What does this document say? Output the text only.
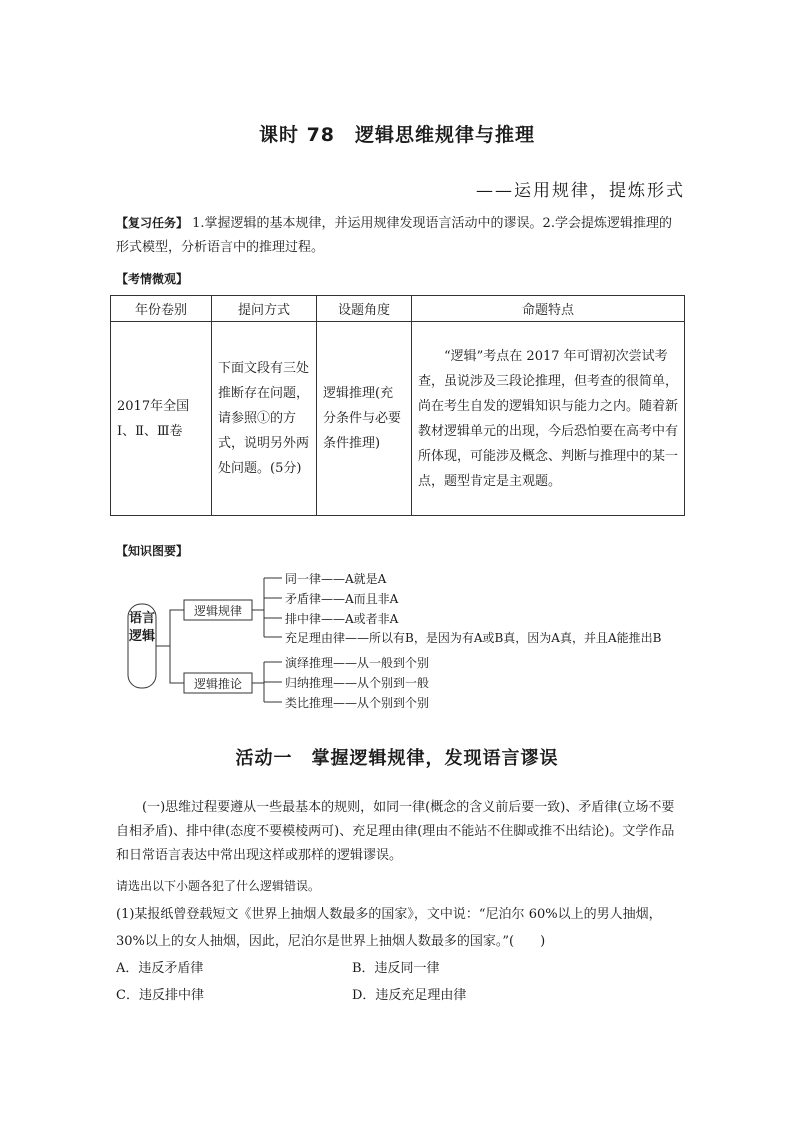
课时 78　逻辑思维规律与推理
——运用规律，提炼形式
【复习任务】 1.掌握逻辑的基本规律，并运用规律发现语言活动中的谬误。2.学会提炼逻辑推理的形式模型，分析语言中的推理过程。
【考情微观】
年份卷别	提问方式	设题角度	命题特点
2017年全国Ⅰ、Ⅱ、Ⅲ卷	下面文段有三处推断存在问题，请参照①的方式，说明另外两处问题。(5分)	逻辑推理(充分条件与必要条件推理)	“逻辑”考点在 2017 年可谓初次尝试考查，虽说涉及三段论推理，但考查的很简单，尚在考生自发的逻辑知识与能力之内。随着新教材逻辑单元的出现，今后恐怕要在高考中有所体现，可能涉及概念、判断与推理中的某一点，题型肯定是主观题。
【知识图要】
语言逻辑
逻辑规律
逻辑推论
同一律——A就是A
矛盾律——A而且非A
排中律——A或者非A
充足理由律——所以有B，是因为有A或B真，因为A真，并且A能推出B
演绎推理——从一般到个别
归纳推理——从个别到一般
类比推理——从个别到个别
活动一　掌握逻辑规律，发现语言谬误
(一)思维过程要遵从一些最基本的规则，如同一律(概念的含义前后要一致)、矛盾律(立场不要自相矛盾)、排中律(态度不要模棱两可)、充足理由律(理由不能站不住脚或推不出结论)。文学作品和日常语言表达中常出现这样或那样的逻辑谬误。
请选出以下小题各犯了什么逻辑错误。
(1)某报纸曾登载短文《世界上抽烟人数最多的国家》，文中说：“尼泊尔 60%以上的男人抽烟，30%以上的女人抽烟，因此，尼泊尔是世界上抽烟人数最多的国家。”(　　)
A．违反矛盾律	B．违反同一律
C．违反排中律	D．违反充足理由律
